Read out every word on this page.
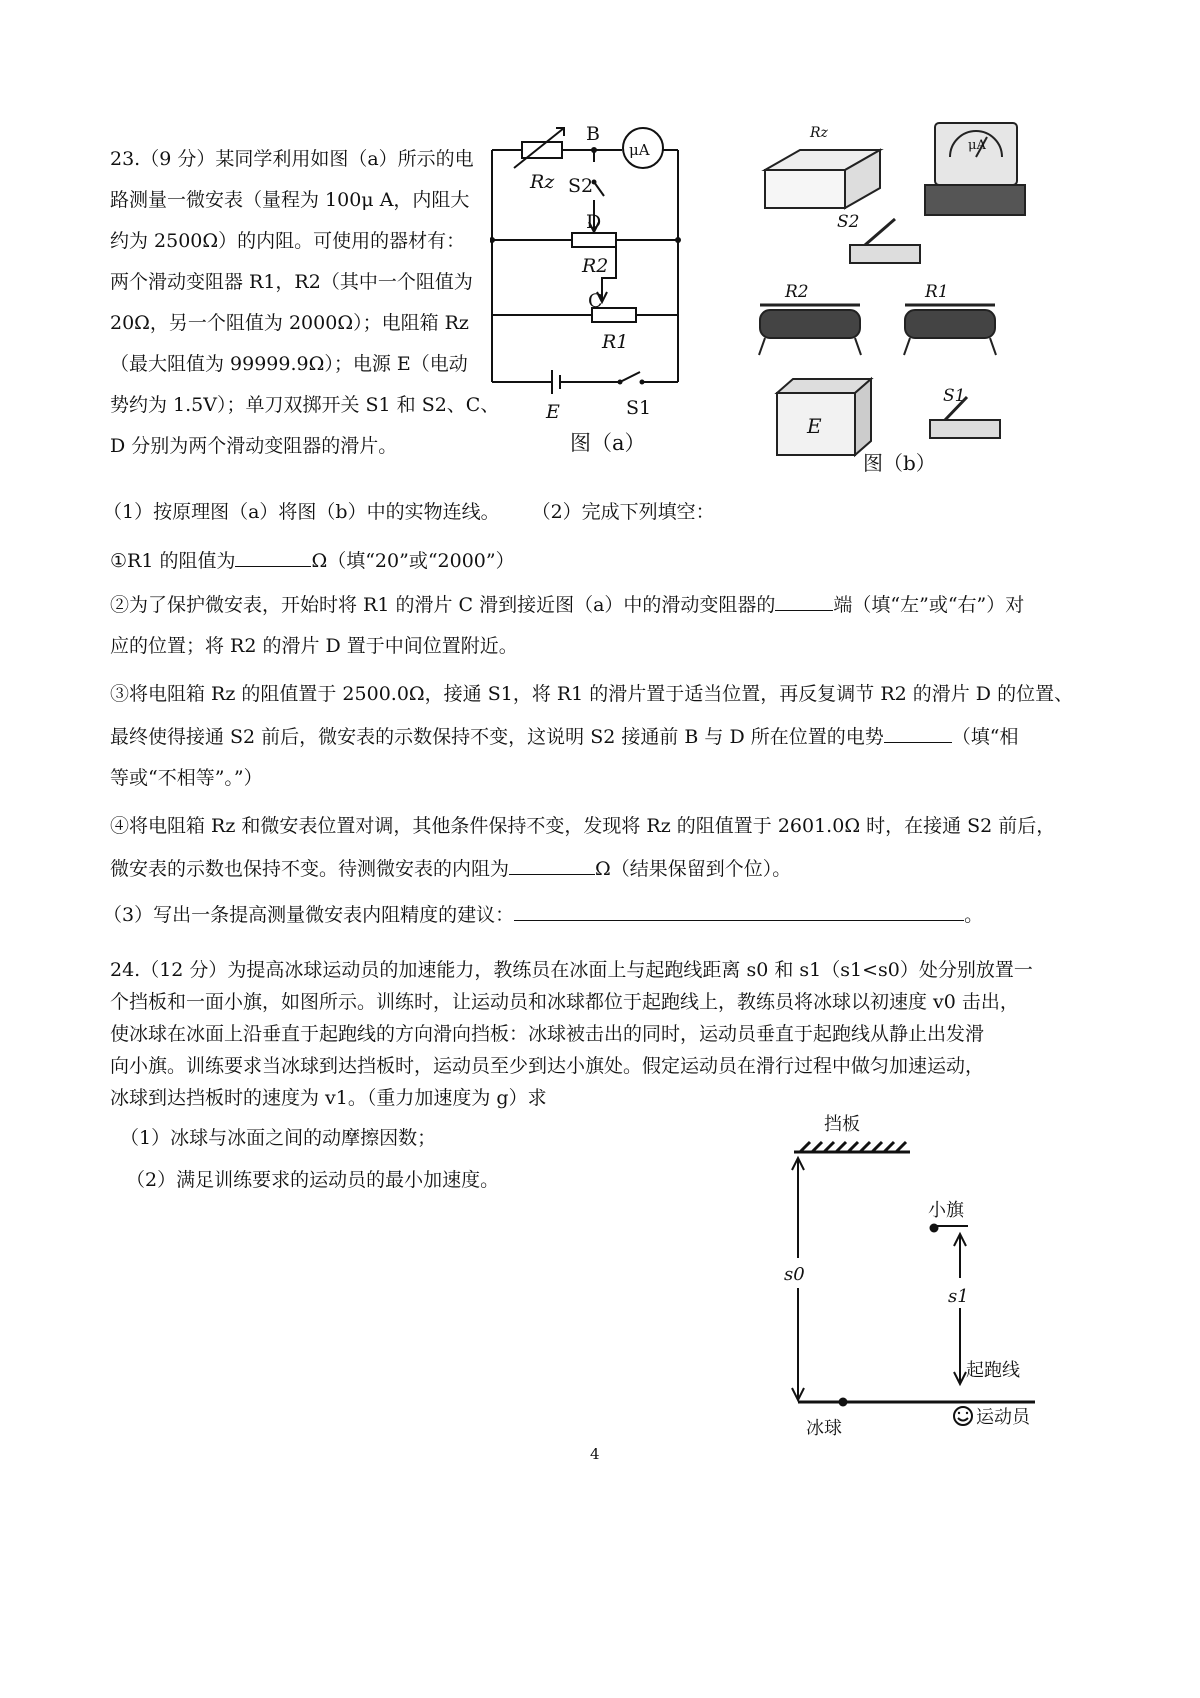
23.（9 分）某同学利用如图（a）所示的电
路测量一微安表（量程为 100μ A，内阻大
约为 2500Ω）的内阻。可使用的器材有：
两个滑动变阻器 R1，R2（其中一个阻值为
20Ω，另一个阻值为 2000Ω）；电阻箱 Rz
（最大阻值为 99999.9Ω）；电源 E（电动
势约为 1.5V）；单刀双掷开关 S1 和 S2、C、
D 分别为两个滑动变阻器的滑片。
B
μA
Rz S2
D
R2
C
R1
E	S1
图（a）
Rz
μA
S2
R2	R1
E
S1
图（b）
（1）按原理图（a）将图（b）中的实物连线。 （2）完成下列填空：
①R1 的阻值为	Ω（填“20”或“2000”）
②为了保护微安表，开始时将 R1 的滑片 C 滑到接近图（a）中的滑动变阻器的	端（填“左”或“右”）对
应的位置；将 R2 的滑片 D 置于中间位置附近。
③将电阻箱 Rz 的阻值置于 2500.0Ω，接通 S1，将 R1 的滑片置于适当位置，再反复调节 R2 的滑片 D 的位置、
最终使得接通 S2 前后，微安表的示数保持不变，这说明 S2 接通前 B 与 D 所在位置的电势	（填“相
等或“不相等”。”）
④将电阻箱 Rz 和微安表位置对调，其他条件保持不变，发现将 Rz 的阻值置于 2601.0Ω 时，在接通 S2 前后，
微安表的示数也保持不变。待测微安表的内阻为	Ω（结果保留到个位）。
（3）写出一条提高测量微安表内阻精度的建议：	。
24.（12 分）为提高冰球运动员的加速能力，教练员在冰面上与起跑线距离 s0 和 s1（s1<s0）处分别放置一
个挡板和一面小旗，如图所示。训练时，让运动员和冰球都位于起跑线上，教练员将冰球以初速度 v0 击出，
使冰球在冰面上沿垂直于起跑线的方向滑向挡板：冰球被击出的同时，运动员垂直于起跑线从静止出发滑
向小旗。训练要求当冰球到达挡板时，运动员至少到达小旗处。假定运动员在滑行过程中做匀加速运动，
冰球到达挡板时的速度为 v1。（重力加速度为 g）求
（1）冰球与冰面之间的动摩擦因数；
（2）满足训练要求的运动员的最小加速度。
挡板
小旗
s0
s1
起跑线
冰球
运动员
4
